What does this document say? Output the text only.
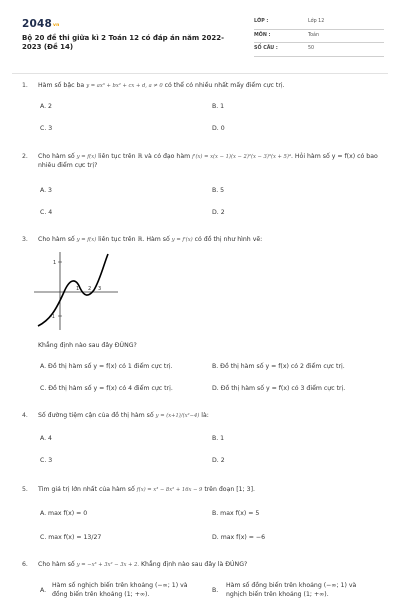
$2048^{vn}$
Bộ 20 đề thi giữa kì 2 Toán 12 có đáp án năm 2022-2023 (Đề 14)
LỚP :	Lớp 12
MÔN :	Toán
SỐ CÂU :	50
1. Hàm số bậc ba y = ax³ + bx² + cx + d, a ≠ 0 có thể có nhiều nhất mấy điểm cực trị.
A. 2	B. 1
C. 3	D. 0
2. Cho hàm số y = f(x) liên tục trên ℝ và có đạo hàm f'(x) = x(x − 1)(x − 2)²(x − 3)³(x + 5)⁴. Hỏi hàm số y = f(x) có bao nhiêu điểm cực trị?
A. 3	B. 5
C. 4	D. 2
3. Cho hàm số y = f(x) liên tục trên ℝ. Hàm số y = f'(x) có đồ thị như hình vẽ:
Khẳng định nào sau đây ĐÚNG?
A. Đồ thị hàm số y = f(x) có 1 điểm cực trị.	B. Đồ thị hàm số y = f(x) có 2 điểm cực trị.
C. Đồ thị hàm số y = f(x) có 4 điểm cực trị.	D. Đồ thị hàm số y = f(x) có 3 điểm cực trị.
1
-1
1 2 3
4. Số đường tiệm cận của đồ thị hàm số y = (x+1)/(x²−4) là:
A. 4	B. 1
C. 3	D. 2
5. Tìm giá trị lớn nhất của hàm số f(x) = x³ − 8x² + 16x − 9 trên đoạn [1; 3].
A. max f(x) = 0	B. max f(x) = 5
C. max f(x) = 13/27	D. max f(x) = −6
6. Cho hàm số y = −x³ + 3x² − 3x + 2. Khẳng định nào sau đây là ĐÚNG?
A.
Hàm số nghịch biến trên khoảng (−∞; 1) và đồng biến trên khoảng (1; +∞).
B.
Hàm số đồng biến trên khoảng (−∞; 1) và nghịch biến trên khoảng (1; +∞).
